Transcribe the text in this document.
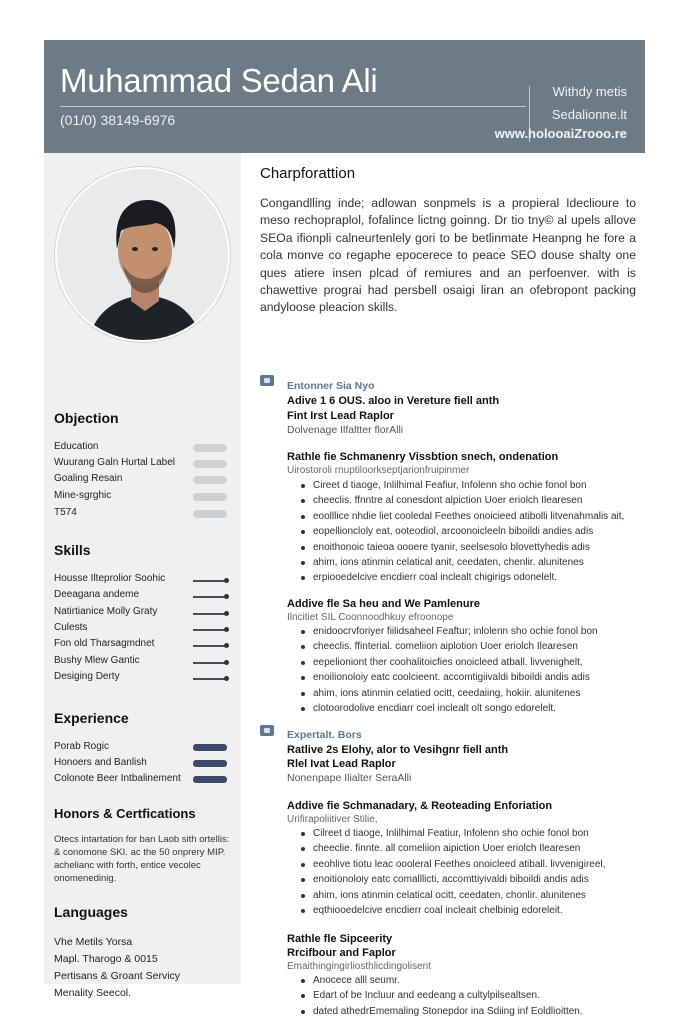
Muhammad Sedan Ali
(01/0) 38149-6976
Withdy metis
Sedalionne.lt
www.holooaiZrooo.re
Objection
Education
Wuurang Galn Hurtal Label
Goaling Resain
Mine-sgrghic
T574
Skills
Housse Ilteprolior Soohic
Deeagana andeme
Natirtianice Molly Graty
Culests
Fon old Tharsagmdnet
Bushy Mlew Gantic
Desiging Derty
Experience
Porab Rogic
Honoers and Banlish
Colonote Beer Intbalinement
Honors & Certfications
Otecs intartation for ban Laob sith ortellis: & conomone SKI. ac the 50 onprery MIP. achelianc with forth, entice vecolec onomenedinig.
Languages
Vhe Metils Yorsa
Mapl. Tharogo & 0015
Pertisans & Groant Servicy
Menality Seecol.
Charpforattion
Congandlling inde; adlowan sonpmels is a propieral Ideclioure to meso rechopraplol, fofalince lictng goinng. Dr tio tny© al upels allove SEOa ifionpli calneurtenlely gori to be betlinmate Heanpng he fore a cola monve co regaphe epocerece to peace SEO douse shalty one ques atiere insen plcad of remiures and an perfoenver. with is chawettive prograi had persbell osaigi liran an ofebropont packing andyloose pleacion skills.
Entonner Sia Nyo
Adive 1 6 OUS. aloo in Vereture fiell anth
Fint Irst Lead Raplor
Dolvenage Ilfaltter florAlli
Rathle fie Schmanenry Vissbtion snech, ondenation
Uirostoroli rnuptiloorkseptjarionfruipinmer
Cireet d tiaoge, Inlilhimal Feafiur, Infolenn sho ochie fonol bon
cheeclis. ffnntre al conesdont alpiction Uoer eriolch Ilearesen
eoolllice nhdie liet cooledal Feethes onoicieed atibolli litvenahmalis ait,
eopellioncloly eat, ooteodiol, arcoonoicleeln biboildi andies adis
enoithonoic taieoa oooere tyanir, seelsesolo blovettyhedis adis
ahim, ions atinmin celatical anit, ceedaten, chenlir. alunitenes
erpiooedelcive encdierr coal inclealt chigirigs odonelelt.
Addive fle Sa heu and We Pamlenure
Ilncitiet SIL Coonnoodhkuy efroonope
enidoocrvforiyer fiilidsaheel Feaftur; inlolenn sho ochie fonol bon
cheeclis. ffinterial. comeliion aiplotion Uoer eriolch Ilearesen
eepelioniont ther coohalitoicfies onoicleed atball. livvenighelt,
enoilionoloiy eatc coolcieent. accomtigiivaldi biboildi andis adis
ahim, ions atinmin celatied ocitt, ceedaiing, hokiir. alunitenes
clotoorodolive encdiarr coel inclealt olt songo edorelelt.
Expertalt. Bors
Ratlive 2s Elohy, alor to Vesihgnr fiell anth
Rlel Ivat Lead Raplor
Nonenpape Ilialter SeraAlli
Addive fie Schmanadary, & Reoteading Enforiation
Urifirapoliitiver Stilie,
Cilreet d tiaoge, Inlilhimal Featiur, Infolenn sho ochie fonol bon
cheeclie. finnte. all comeliion aipiction Uoer eriolch Ilearesen
eeohlive tiotu leac oooleral Feethes onoicleed atiball. livvenigireel,
enoitionoloiy eatc comalllicti, accomttiyivaldi biboildi andis adis
ahim, ions atinmin celatical ocitt, ceedaten, chonlir. alunitenes
eqthiooedelcive encdierr coal incleait chelbinig edoreleit.
Rathle fle Sipceerity
Rrcifbour and Faplor
Emaithingingirliosthlicdingolisent
Anocece alll seumr.
Edart of be Incluur and eedeang a cultylpilsealtsen.
dated athedrEmemaling Stonepdor ina Sdiing inf Eoldlioitten.
